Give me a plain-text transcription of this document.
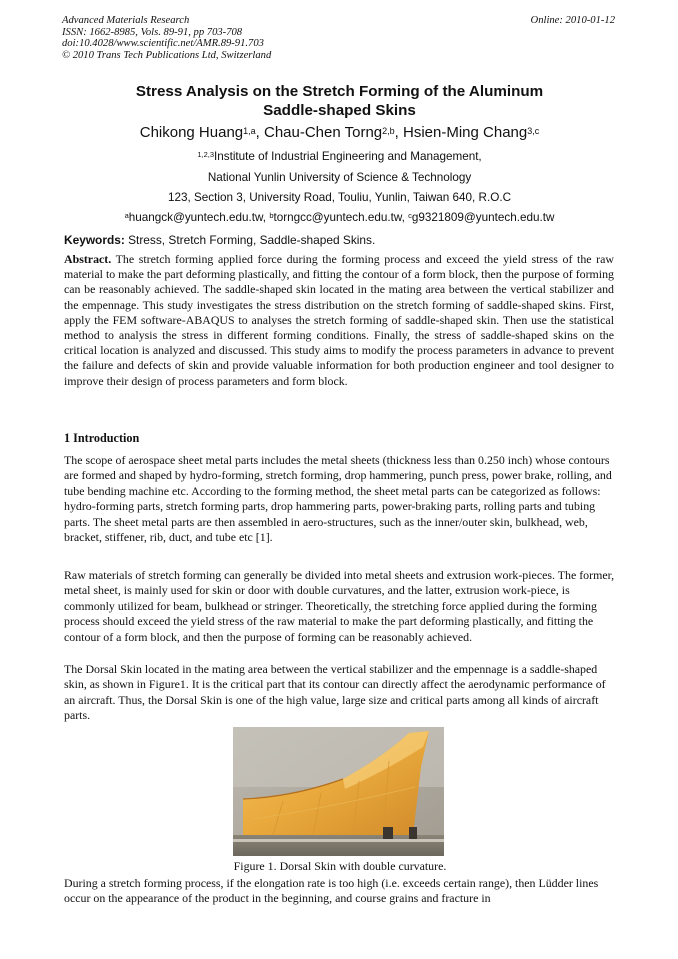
Advanced Materials Research
ISSN: 1662-8985, Vols. 89-91, pp 703-708
doi:10.4028/www.scientific.net/AMR.89-91.703
© 2010 Trans Tech Publications Ltd, Switzerland
Online: 2010-01-12
Stress Analysis on the Stretch Forming of the Aluminum
Saddle-shaped Skins
Chikong Huang$^{1,a}$, Chau-Chen Torng$^{2,b}$, Hsien-Ming Chang$^{3,c}$
$^{1,2,3}$Institute of Industrial Engineering and Management,
National Yunlin University of Science & Technology
123, Section 3, University Road, Touliu, Yunlin, Taiwan 640, R.O.C
$^a$huangck@yuntech.edu.tw, $^b$torngcc@yuntech.edu.tw, $^c$g9321809@yuntech.edu.tw
Keywords: Stress, Stretch Forming, Saddle-shaped Skins.
Abstract. The stretch forming applied force during the forming process and exceed the yield stress of the raw material to make the part deforming plastically, and fitting the contour of a form block, then the purpose of forming can be reasonably achieved. The saddle-shaped skin located in the mating area between the vertical stabilizer and the empennage. This study investigates the stress distribution on the stretch forming of saddle-shaped skins. First, apply the FEM software-ABAQUS to analyses the stretch forming of saddle-shaped skin. Then use the statistical method to analysis the stress in different forming conditions. Finally, the stress of saddle-shaped skins on the critical location is analyzed and discussed. This study aims to modify the process parameters in advance to prevent the failure and defects of skin and provide valuable information for both production engineer and tool designer to improve their design of process parameters and form block.
1 Introduction
The scope of aerospace sheet metal parts includes the metal sheets (thickness less than 0.250 inch) whose contours are formed and shaped by hydro-forming, stretch forming, drop hammering, punch press, power brake, rolling, and tube bending machine etc. According to the forming method, the sheet metal parts can be categorized as follows: hydro-forming parts, stretch forming parts, drop hammering parts, power-braking parts, rolling parts and tubing parts. The sheet metal parts are then assembled in aero-structures, such as the inner/outer skin, bulkhead, web, bracket, stiffener, rib, duct, and tube etc [1].
Raw materials of stretch forming can generally be divided into metal sheets and extrusion work-pieces. The former, metal sheet, is mainly used for skin or door with double curvatures, and the latter, extrusion work-piece, is commonly utilized for beam, bulkhead or stringer. Theoretically, the stretching force applied during the forming process should exceed the yield stress of the raw material to make the part deforming plastically, and fitting the contour of a form block, and then the purpose of forming can be reasonably achieved.
The Dorsal Skin located in the mating area between the vertical stabilizer and the empennage is a saddle-shaped skin, as shown in Figure1. It is the critical part that its contour can directly affect the aerodynamic performance of an aircraft. Thus, the Dorsal Skin is one of the high value, large size and critical parts among all kinds of aircraft parts.
Figure 1. Dorsal Skin with double curvature.
During a stretch forming process, if the elongation rate is too high (i.e. exceeds certain range), then Lüdder lines occur on the appearance of the product in the beginning, and course grains and fracture in
